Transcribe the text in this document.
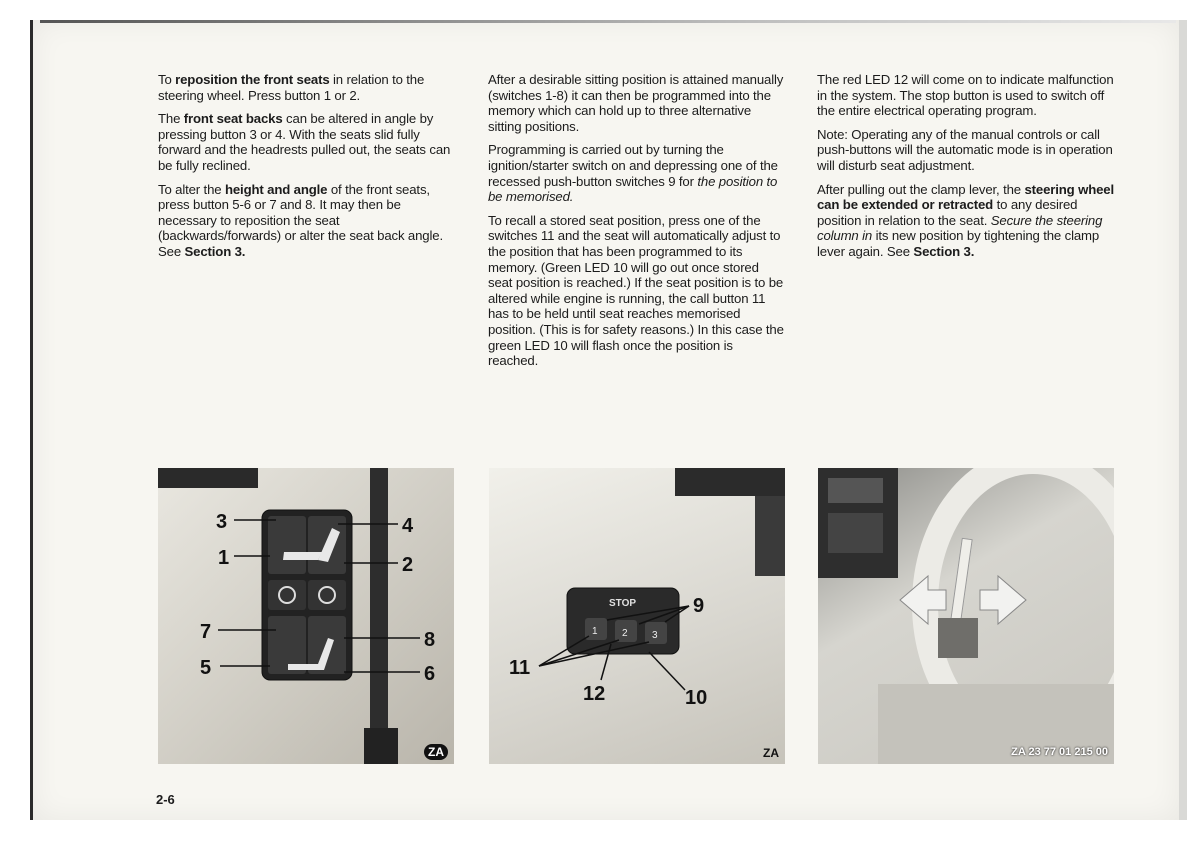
To reposition the front seats in relation to the steering wheel. Press button 1 or 2.

The front seat backs can be altered in angle by pressing button 3 or 4. With the seats slid fully forward and the headrests pulled out, the seats can be fully reclined.

To alter the height and angle of the front seats, press button 5-6 or 7 and 8. It may then be necessary to reposition the seat (backwards/forwards) or alter the seat back angle. See Section 3.

After a desirable sitting position is attained manually (switches 1-8) it can then be programmed into the memory which can hold up to three alternative sitting positions.

Programming is carried out by turning the ignition/starter switch on and depressing one of the recessed push-button switches 9 for the position to be memorised.

To recall a stored seat position, press one of the switches 11 and the seat will automatically adjust to the position that has been programmed to its memory. (Green LED 10 will go out once stored seat position is reached.) If the seat position is to be altered while engine is running, the call button 11 has to be held until seat reaches memorised position. (This is for safety reasons.) In this case the green LED 10 will flash once the position is reached.

The red LED 12 will come on to indicate malfunction in the system. The stop button is used to switch off the entire electrical operating program.

Note: Operating any of the manual controls or call push-buttons will the automatic mode is in operation will disturb seat adjustment.

After pulling out the clamp lever, the steering wheel can be extended or retracted to any desired position in relation to the seat. Secure the steering column in its new position by tightening the clamp lever again. See Section 3.

3	4
1	2
7	8
5	6
ZA
STOP
1 2 3
9
11
12	10
ZA	ZA 23 77 01 215 00
2-6
